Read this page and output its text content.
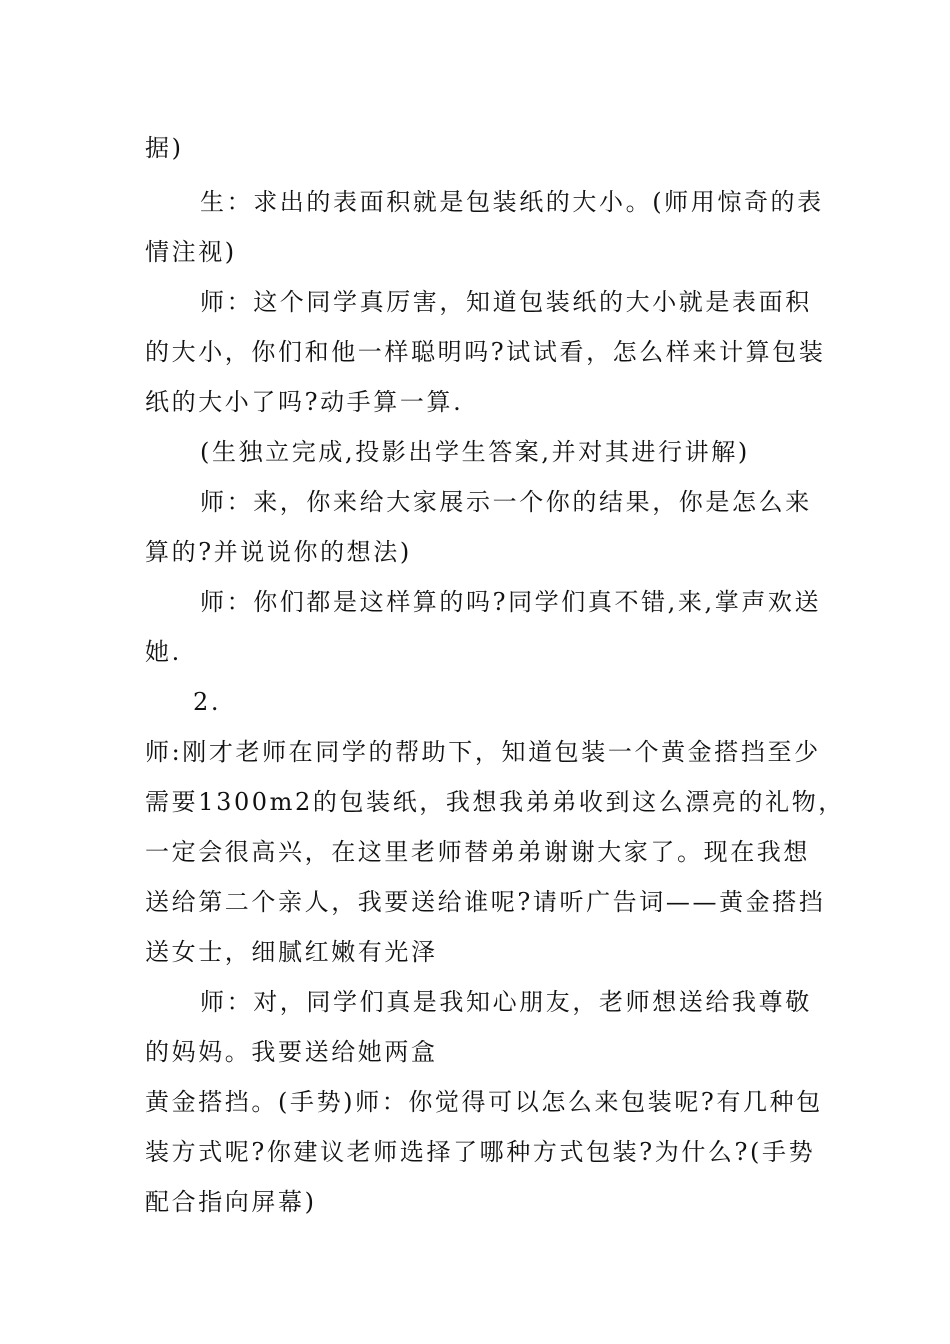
据)
生：求出的表面积就是包装纸的大小。(师用惊奇的表
情注视)
师：这个同学真厉害，知道包装纸的大小就是表面积
的大小，你们和他一样聪明吗?试试看，怎么样来计算包装
纸的大小了吗?动手算一算.
(生独立完成,投影出学生答案,并对其进行讲解)
师：来，你来给大家展示一个你的结果，你是怎么来
算的?并说说你的想法)
师：你们都是这样算的吗?同学们真不错,来,掌声欢送
她.
2.
师:刚才老师在同学的帮助下，知道包装一个黄金搭挡至少
需要1300m2的包装纸，我想我弟弟收到这么漂亮的礼物，
一定会很高兴，在这里老师替弟弟谢谢大家了。现在我想
送给第二个亲人，我要送给谁呢?请听广告词——黄金搭挡
送女士，细腻红嫩有光泽
师：对，同学们真是我知心朋友，老师想送给我尊敬
的妈妈。我要送给她两盒
黄金搭挡。(手势)师：你觉得可以怎么来包装呢?有几种包
装方式呢?你建议老师选择了哪种方式包装?为什么?(手势
配合指向屏幕)
